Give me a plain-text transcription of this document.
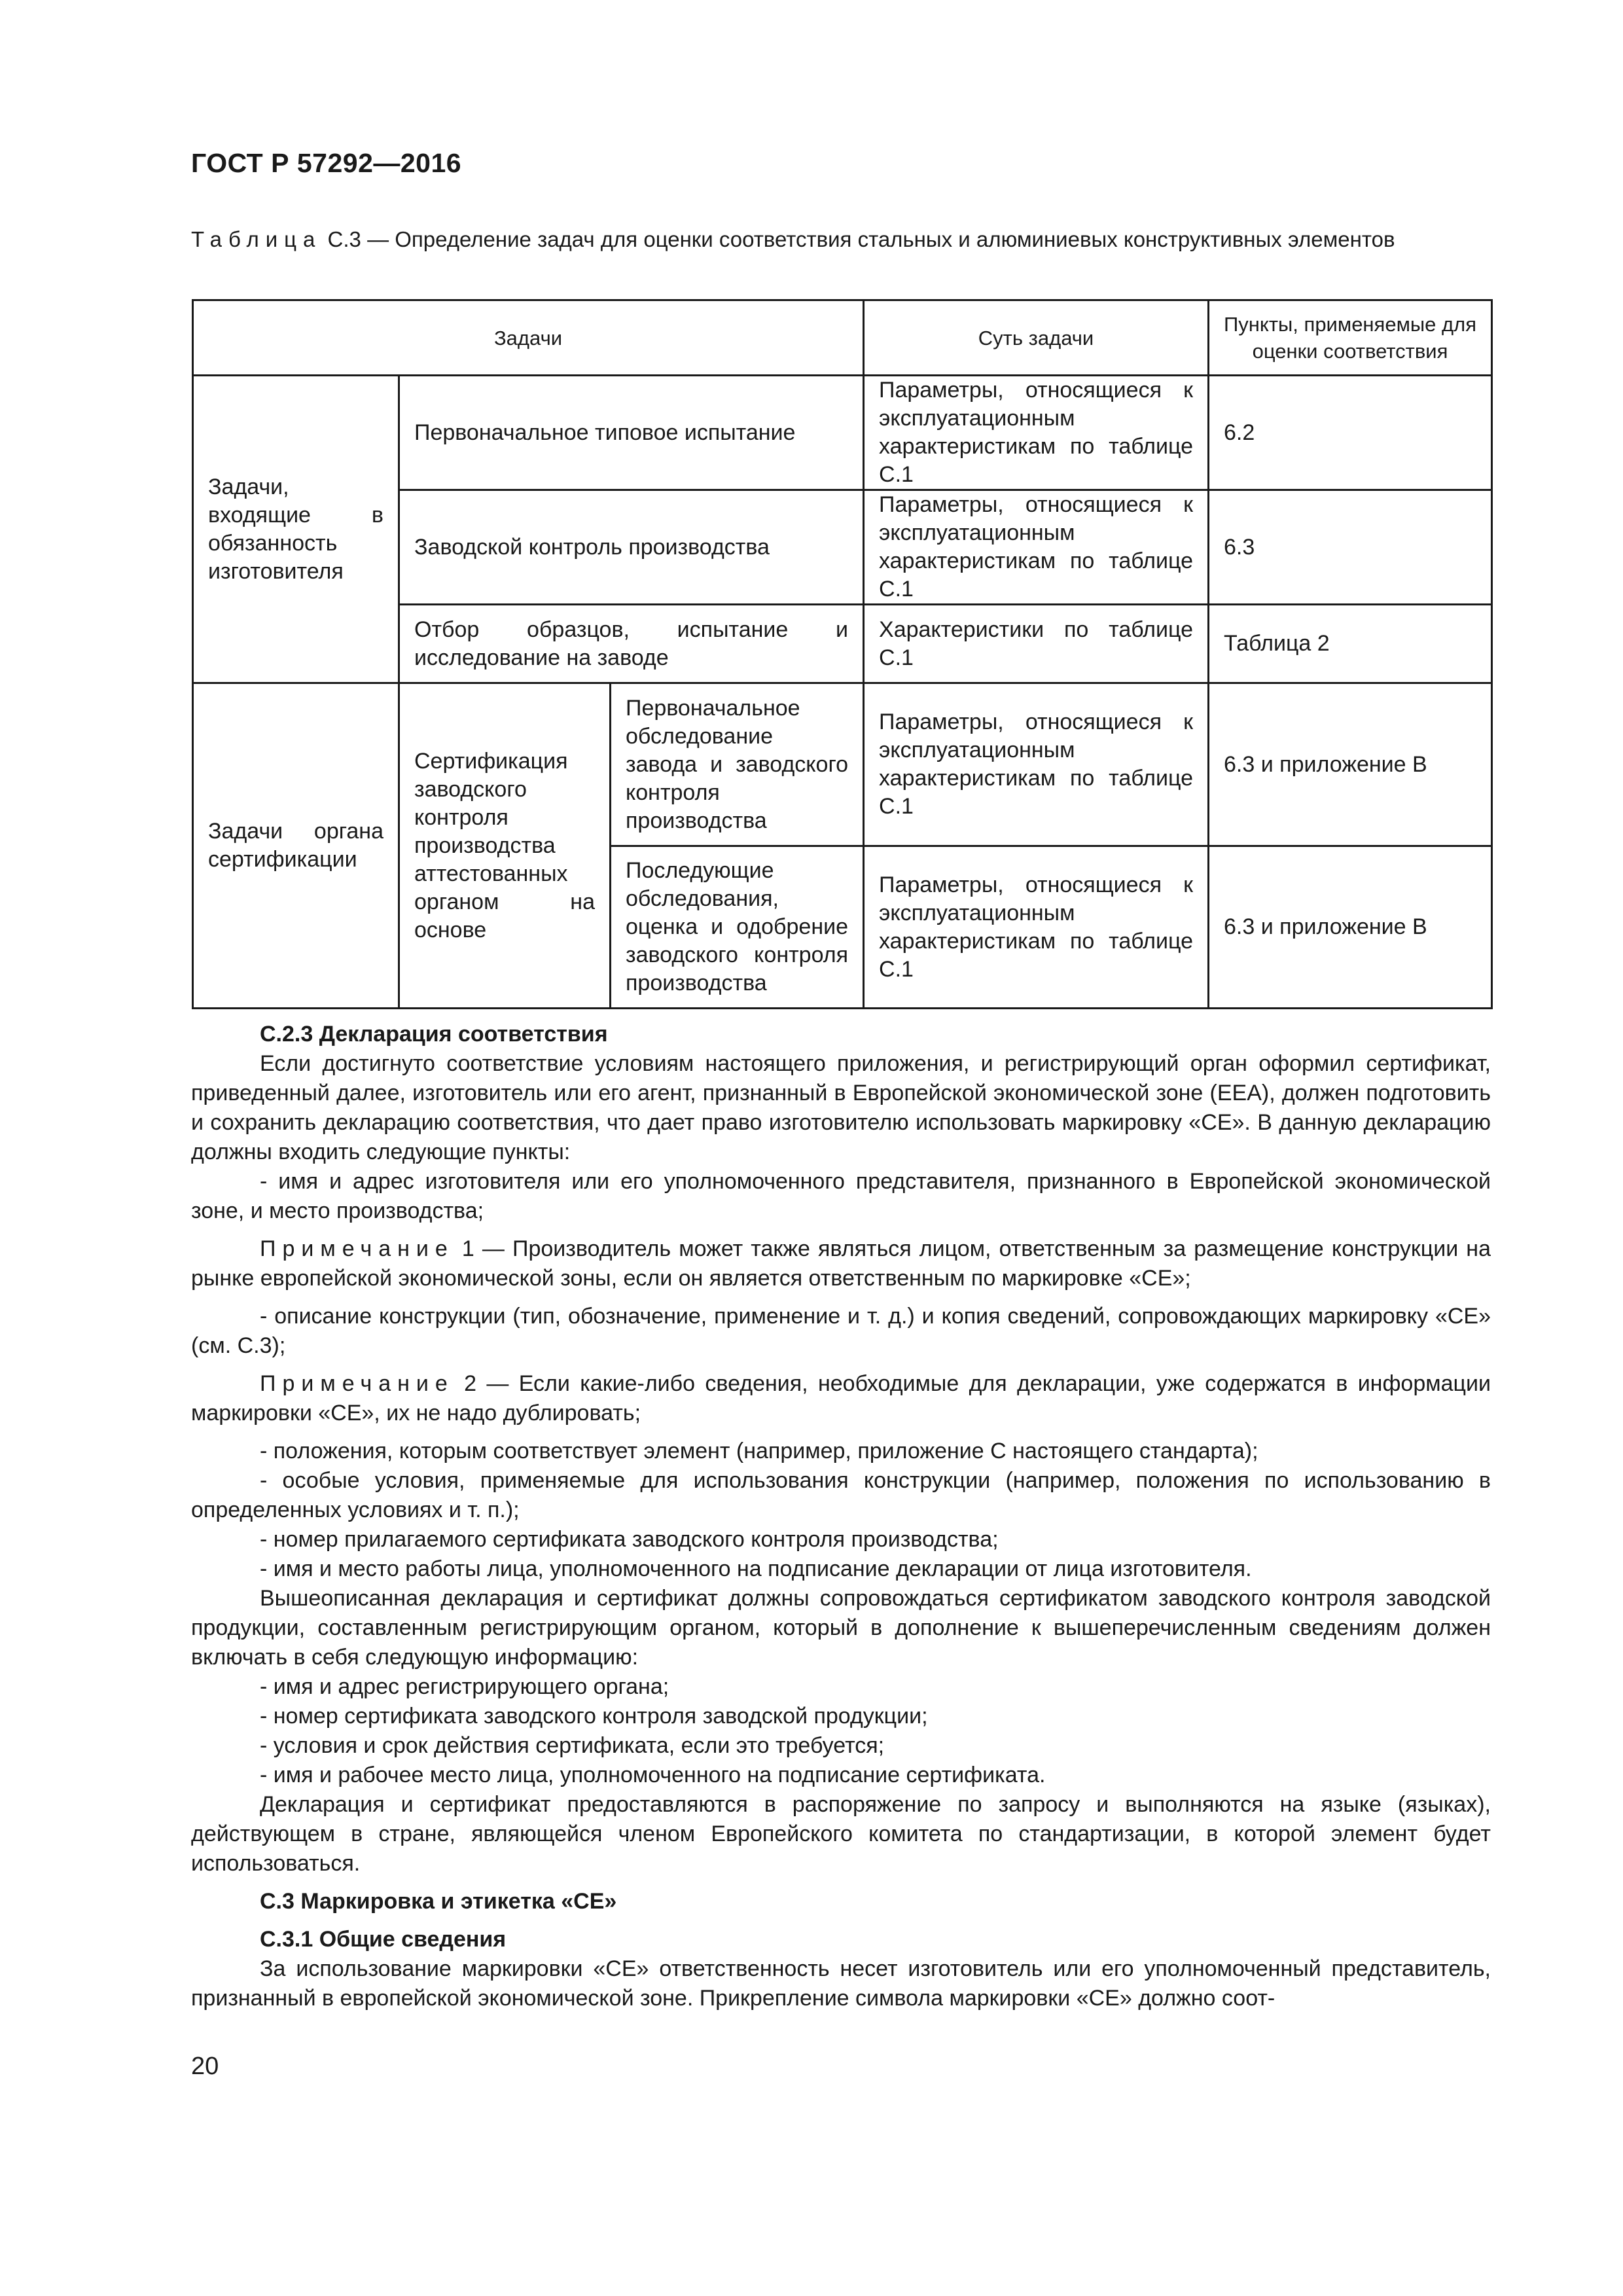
ГОСТ Р 57292—2016
Таблица С.3 — Определение задач для оценки соответствия стальных и алюминиевых конструктивных элементов
Задачи			Суть задачи	Пункты, применяемые для оценки соответствия
Задачи, входящие в обязанность изготовителя	Первоначальное типовое испытание		Параметры, относящиеся к эксплуатационным характеристикам по таблице С.1	6.2
	Заводской контроль производства		Параметры, относящиеся к эксплуатационным характеристикам по таблице С.1	6.3
	Отбор образцов, испытание и исследование на заводе		Характеристики по таблице С.1	Таблица 2
Задачи органа сертификации	Сертификация заводского контроля производства аттестованных органом на основе	Первоначальное обследование завода и заводского контроля производства	Параметры, относящиеся к эксплуатационным характеристикам по таблице С.1	6.3 и приложение В
		Последующие обследования, оценка и одобрение заводского контроля производства	Параметры, относящиеся к эксплуатационным характеристикам по таблице С.1	6.3 и приложение В

С.2.3 Декларация соответствия

Если достигнуто соответствие условиям настоящего приложения, и регистрирующий орган оформил сертификат, приведенный далее, изготовитель или его агент, признанный в Европейской экономической зоне (ЕЕА), должен подготовить и сохранить декларацию соответствия, что дает право изготовителю использовать маркировку «СЕ». В данную декларацию должны входить следующие пункты:

- имя и адрес изготовителя или его уполномоченного представителя, признанного в Европейской экономической зоне, и место производства;

Примечание 1 — Производитель может также являться лицом, ответственным за размещение конструкции на рынке европейской экономической зоны, если он является ответственным по маркировке «СЕ»;

- описание конструкции (тип, обозначение, применение и т. д.) и копия сведений, сопровождающих маркировку «СЕ» (см. С.3);

Примечание 2 — Если какие-либо сведения, необходимые для декларации, уже содержатся в информации маркировки «СЕ», их не надо дублировать;

- положения, которым соответствует элемент (например, приложение С настоящего стандарта);

- особые условия, применяемые для использования конструкции (например, положения по использованию в определенных условиях и т. п.);

- номер прилагаемого сертификата заводского контроля производства;

- имя и место работы лица, уполномоченного на подписание декларации от лица изготовителя.

Вышеописанная декларация и сертификат должны сопровождаться сертификатом заводского контроля заводской продукции, составленным регистрирующим органом, который в дополнение к вышеперечисленным сведениям должен включать в себя следующую информацию:

- имя и адрес регистрирующего органа;

- номер сертификата заводского контроля заводской продукции;

- условия и срок действия сертификата, если это требуется;

- имя и рабочее место лица, уполномоченного на подписание сертификата.

Декларация и сертификат предоставляются в распоряжение по запросу и выполняются на языке (языках), действующем в стране, являющейся членом Европейского комитета по стандартизации, в которой элемент будет использоваться.

С.3 Маркировка и этикетка «СЕ»

С.3.1 Общие сведения

За использование маркировки «СЕ» ответственность несет изготовитель или его уполномоченный представитель, признанный в европейской экономической зоне. Прикрепление символа маркировки «СЕ» должно соот-

20
